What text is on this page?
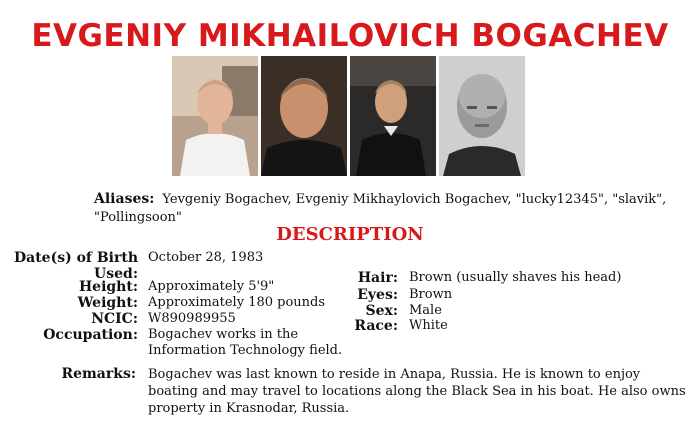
EVGENIY MIKHAILOVICH BOGACHEV
Aliases: Yevgeniy Bogachev, Evgeniy Mikhaylovich Bogachev, "lucky12345", "slavik", "Pollingsoon"
DESCRIPTION
Date(s) of Birth
Used:
October 28, 1983
Height: Approximately 5'9"
Weight: Approximately 180 pounds
NCIC: W890989955
Occupation: Bogachev works in the
Information Technology field.
Hair: Brown (usually shaves his head)
Eyes: Brown
Sex: Male
Race: White
Remarks: Bogachev was last known to reside in Anapa, Russia. He is known to enjoy boating and may travel to locations along the Black Sea in his boat. He also owns property in Krasnodar, Russia.
